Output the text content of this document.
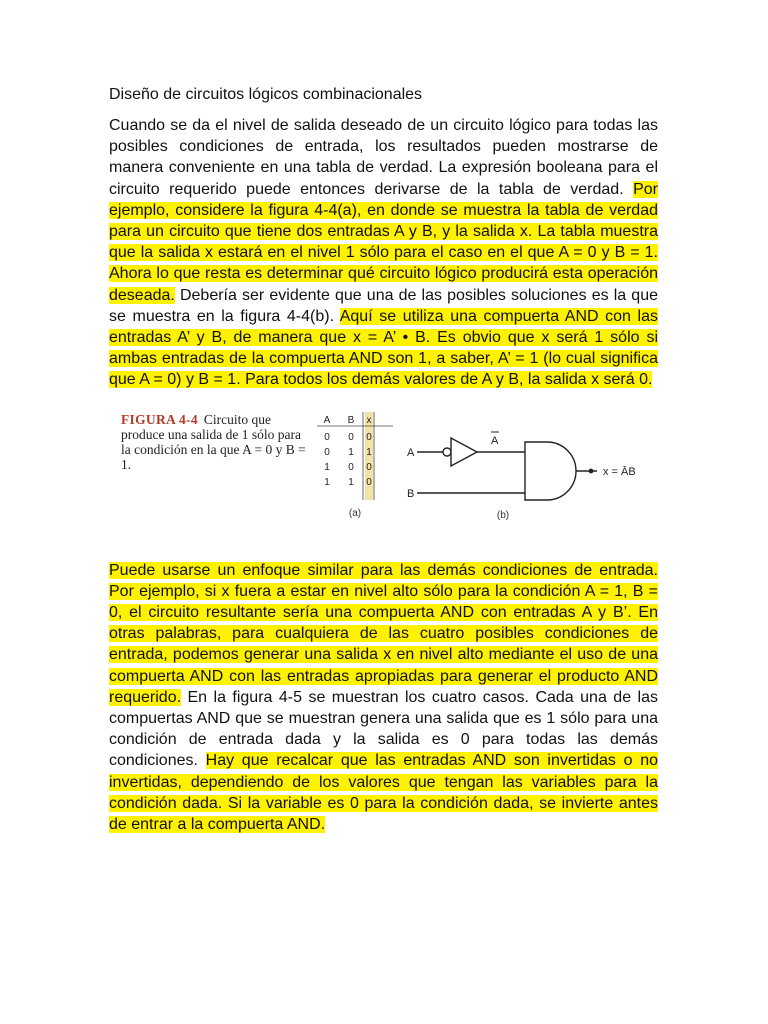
Diseño de circuitos lógicos combinacionales

Cuando se da el nivel de salida deseado de un circuito lógico para todas las posibles condiciones de entrada, los resultados pueden mostrarse de manera conveniente en una tabla de verdad. La expresión booleana para el circuito requerido puede entonces derivarse de la tabla de verdad. Por ejemplo, considere la figura 4-4(a), en donde se muestra la tabla de verdad para un circuito que tiene dos entradas A y B, y la salida x. La tabla muestra que la salida x estará en el nivel 1 sólo para el caso en el que A = 0 y B = 1. Ahora lo que resta es determinar qué circuito lógico producirá esta operación deseada. Debería ser evidente que una de las posibles soluciones es la que se muestra en la figura 4-4(b). Aquí se utiliza una compuerta AND con las entradas A’ y B, de manera que x = A’ • B. Es obvio que x será 1 sólo si ambas entradas de la compuerta AND son 1, a saber, A’ = 1 (lo cual significa que A = 0) y B = 1. Para todos los demás valores de A y B, la salida x será 0.

FIGURA 4-4 Circuito que produce una salida de 1 sólo para la condición en la que A = 0 y B = 1.
A B x
0 0 0
0 1 1
1 0 0
1 1 0
(a)
A
A
B
x = ĀB
(b)

Puede usarse un enfoque similar para las demás condiciones de entrada. Por ejemplo, si x fuera a estar en nivel alto sólo para la condición A = 1, B = 0, el circuito resultante sería una compuerta AND con entradas A y B’. En otras palabras, para cualquiera de las cuatro posibles condiciones de entrada, podemos generar una salida x en nivel alto mediante el uso de una compuerta AND con las entradas apropiadas para generar el producto AND requerido. En la figura 4-5 se muestran los cuatro casos. Cada una de las compuertas AND que se muestran genera una salida que es 1 sólo para una condición de entrada dada y la salida es 0 para todas las demás condiciones. Hay que recalcar que las entradas AND son invertidas o no invertidas, dependiendo de los valores que tengan las variables para la condición dada. Si la variable es 0 para la condición dada, se invierte antes de entrar a la compuerta AND.
